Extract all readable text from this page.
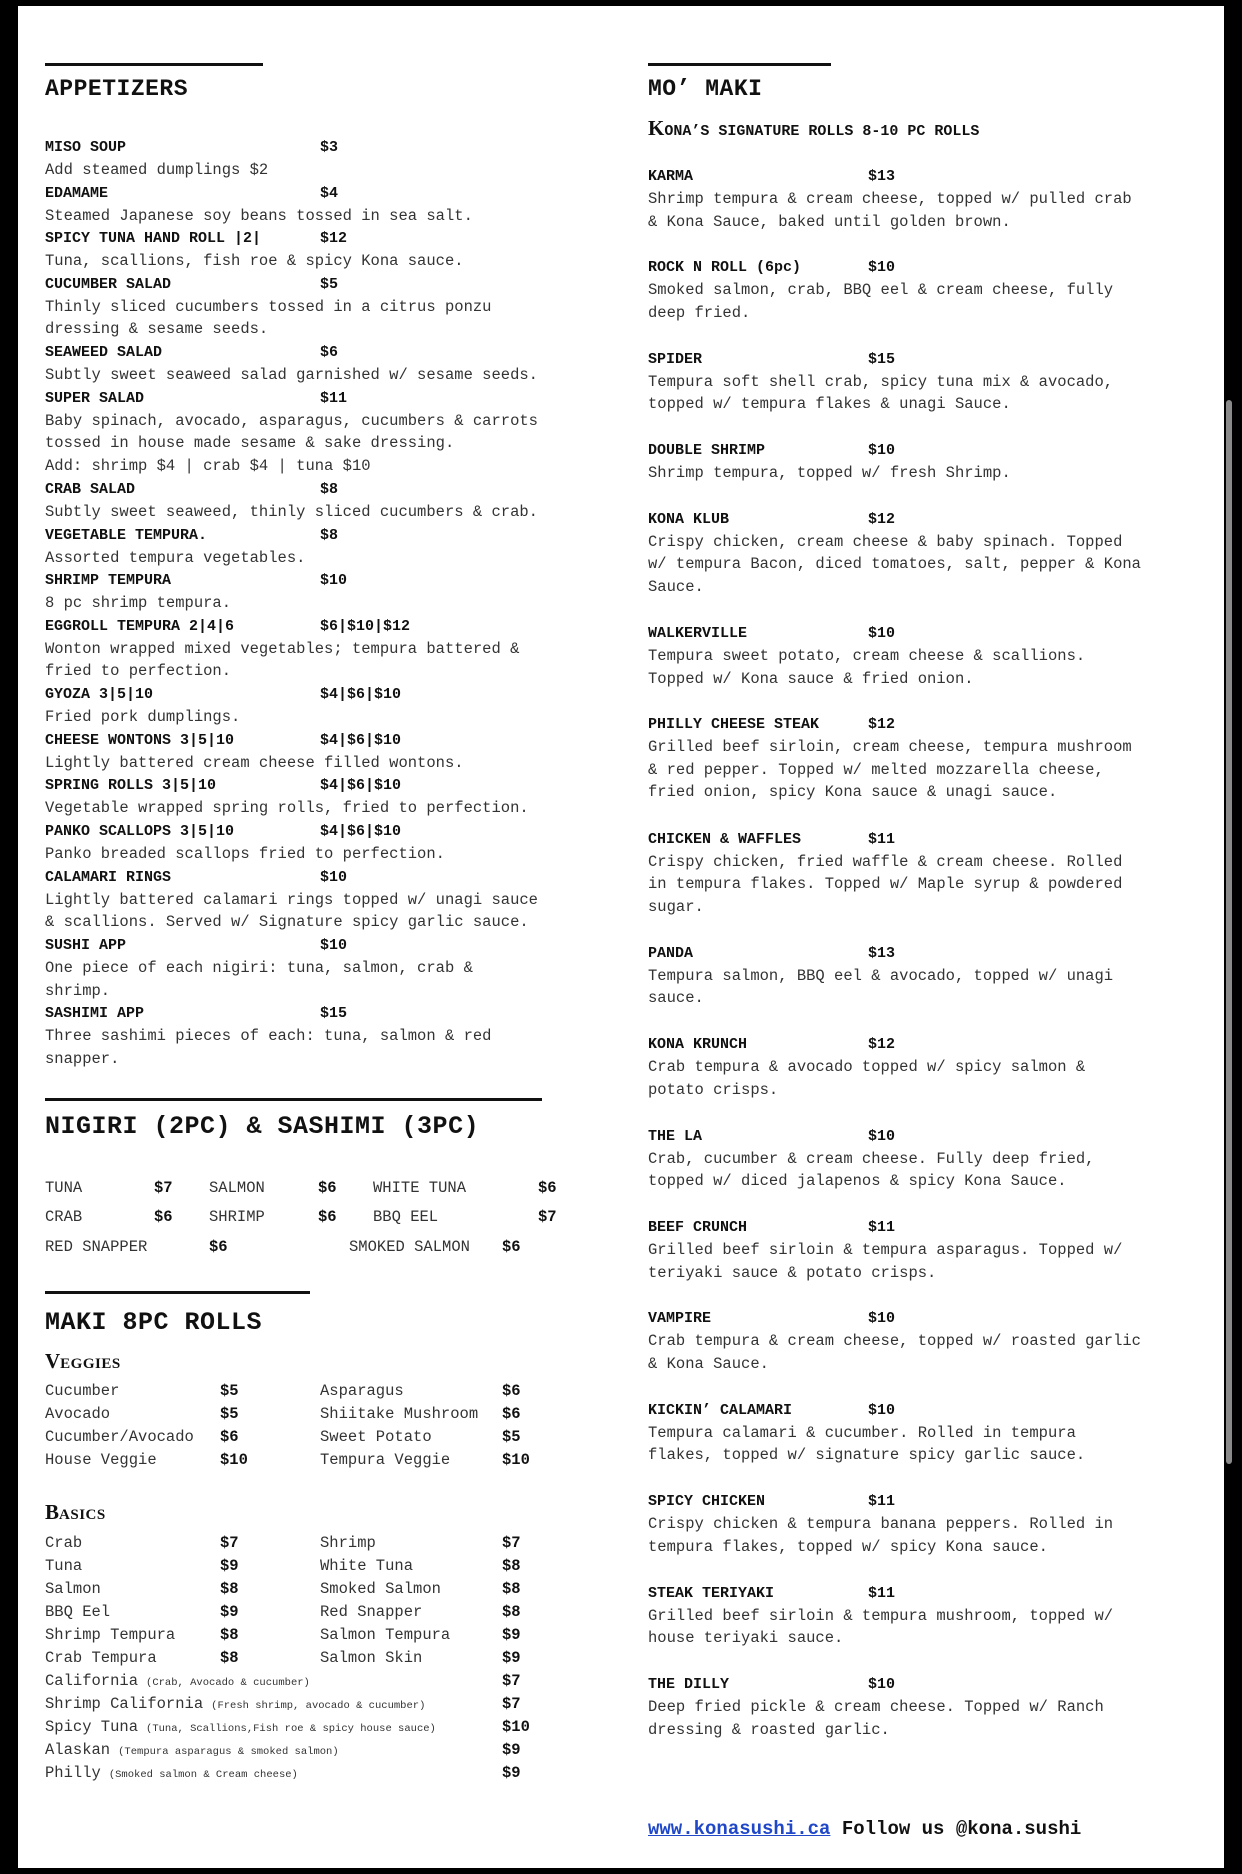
APPETIZERS
MISO SOUP	$3
Add steamed dumplings $2
EDAMAME	$4
Steamed Japanese soy beans tossed in sea salt.
SPICY TUNA HAND ROLL |2|	$12
Tuna, scallions, fish roe & spicy Kona sauce.
CUCUMBER SALAD	$5
Thinly sliced cucumbers tossed in a citrus ponzu
dressing & sesame seeds.
SEAWEED SALAD	$6
Subtly sweet seaweed salad garnished w/ sesame seeds.
SUPER SALAD	$11
Baby spinach, avocado, asparagus, cucumbers & carrots
tossed in house made sesame & sake dressing.
Add: shrimp $4 | crab $4 | tuna $10
CRAB SALAD	$8
Subtly sweet seaweed, thinly sliced cucumbers & crab.
VEGETABLE TEMPURA.	$8
Assorted tempura vegetables.
SHRIMP TEMPURA	$10
8 pc shrimp tempura.
EGGROLL TEMPURA 2|4|6	$6|$10|$12
Wonton wrapped mixed vegetables; tempura battered &
fried to perfection.
GYOZA 3|5|10	$4|$6|$10
Fried pork dumplings.
CHEESE WONTONS 3|5|10	$4|$6|$10
Lightly battered cream cheese filled wontons.
SPRING ROLLS 3|5|10	$4|$6|$10
Vegetable wrapped spring rolls, fried to perfection.
PANKO SCALLOPS 3|5|10	$4|$6|$10
Panko breaded scallops fried to perfection.
CALAMARI RINGS	$10
Lightly battered calamari rings topped w/ unagi sauce
& scallions. Served w/ Signature spicy garlic sauce.
SUSHI APP	$10
One piece of each nigiri: tuna, salmon, crab &
shrimp.
SASHIMI APP	$15
Three sashimi pieces of each: tuna, salmon & red
snapper.
NIGIRI (2PC) & SASHIMI (3PC)
TUNA	$7 SALMON	$6 WHITE TUNA	$6
CRAB	$6 SHRIMP	$6 BBQ EEL	$7
RED SNAPPER	$6	SMOKED SALMON $6
MAKI 8PC ROLLS
VEGGIES
Cucumber	$5	Asparagus	$6
Avocado	$5	Shiitake Mushroom $6
Cucumber/Avocado $6	Sweet Potato	$5
House Veggie	$10	Tempura Veggie	$10
BASICS
Crab	$7	Shrimp	$7
Tuna	$9	White Tuna	$8
Salmon	$8	Smoked Salmon	$8
BBQ Eel	$9	Red Snapper	$8
Shrimp Tempura	$8	Salmon Tempura	$9
Crab Tempura	$8	Salmon Skin	$9
California (Crab, Avocado & cucumber)	$7
Shrimp California (Fresh shrimp, avocado & cucumber)	$7
Spicy Tuna (Tuna, Scallions,Fish roe & spicy house sauce)	$10
Alaskan (Tempura asparagus & smoked salmon)	$9
Philly (Smoked salmon & Cream cheese)	$9
MO’ MAKI
KONA’S SIGNATURE ROLLS 8-10 PC ROLLS
KARMA	$13
Shrimp tempura & cream cheese, topped w/ pulled crab
& Kona Sauce, baked until golden brown.
ROCK N ROLL (6pc)	$10
Smoked salmon, crab, BBQ eel & cream cheese, fully
deep fried.
SPIDER	$15
Tempura soft shell crab, spicy tuna mix & avocado,
topped w/ tempura flakes & unagi Sauce.
DOUBLE SHRIMP	$10
Shrimp tempura, topped w/ fresh Shrimp.
KONA KLUB	$12
Crispy chicken, cream cheese & baby spinach. Topped
w/ tempura Bacon, diced tomatoes, salt, pepper & Kona
Sauce.
WALKERVILLE	$10
Tempura sweet potato, cream cheese & scallions.
Topped w/ Kona sauce & fried onion.
PHILLY CHEESE STEAK	$12
Grilled beef sirloin, cream cheese, tempura mushroom
& red pepper. Topped w/ melted mozzarella cheese,
fried onion, spicy Kona sauce & unagi sauce.
CHICKEN & WAFFLES	$11
Crispy chicken, fried waffle & cream cheese. Rolled
in tempura flakes. Topped w/ Maple syrup & powdered
sugar.
PANDA	$13
Tempura salmon, BBQ eel & avocado, topped w/ unagi
sauce.
KONA KRUNCH	$12
Crab tempura & avocado topped w/ spicy salmon &
potato crisps.
THE LA	$10
Crab, cucumber & cream cheese. Fully deep fried,
topped w/ diced jalapenos & spicy Kona Sauce.
BEEF CRUNCH	$11
Grilled beef sirloin & tempura asparagus. Topped w/
teriyaki sauce & potato crisps.
VAMPIRE	$10
Crab tempura & cream cheese, topped w/ roasted garlic
& Kona Sauce.
KICKIN’ CALAMARI	$10
Tempura calamari & cucumber. Rolled in tempura
flakes, topped w/ signature spicy garlic sauce.
SPICY CHICKEN	$11
Crispy chicken & tempura banana peppers. Rolled in
tempura flakes, topped w/ spicy Kona sauce.
STEAK TERIYAKI	$11
Grilled beef sirloin & tempura mushroom, topped w/
house teriyaki sauce.
THE DILLY	$10
Deep fried pickle & cream cheese. Topped w/ Ranch
dressing & roasted garlic.
www.konasushi.ca Follow us @kona.sushi
